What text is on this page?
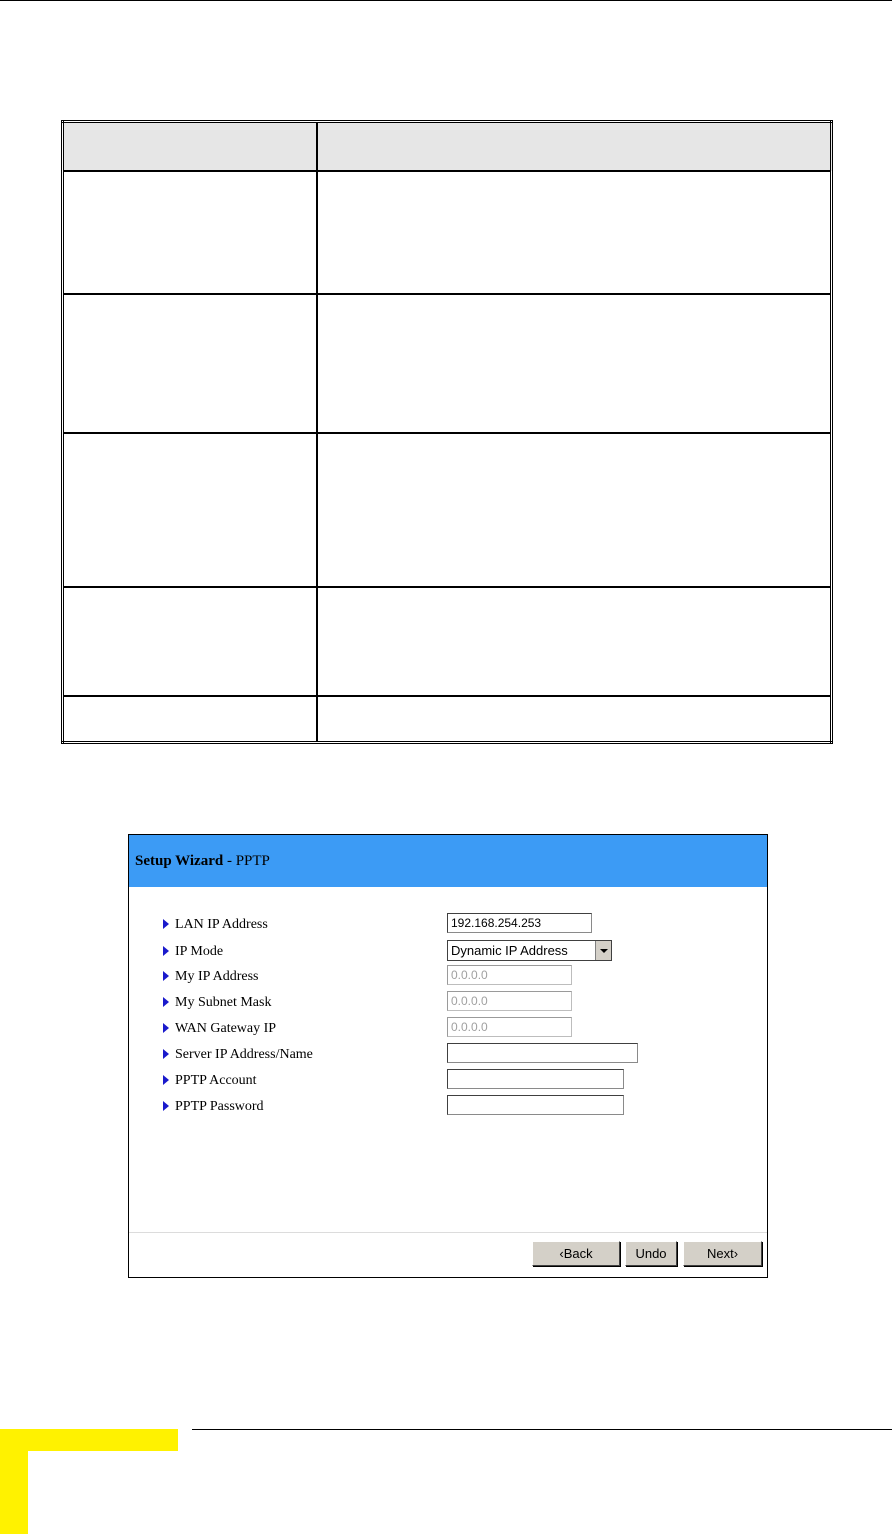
Setup Wizard - PPTP
LAN IP Address	192.168.254.253
IP Mode	Dynamic IP Address
My IP Address	0.0.0.0
My Subnet Mask	0.0.0.0
WAN Gateway IP	0.0.0.0
Server IP Address/Name
PPTP Account
PPTP Password
‹Back	Undo	Next›
